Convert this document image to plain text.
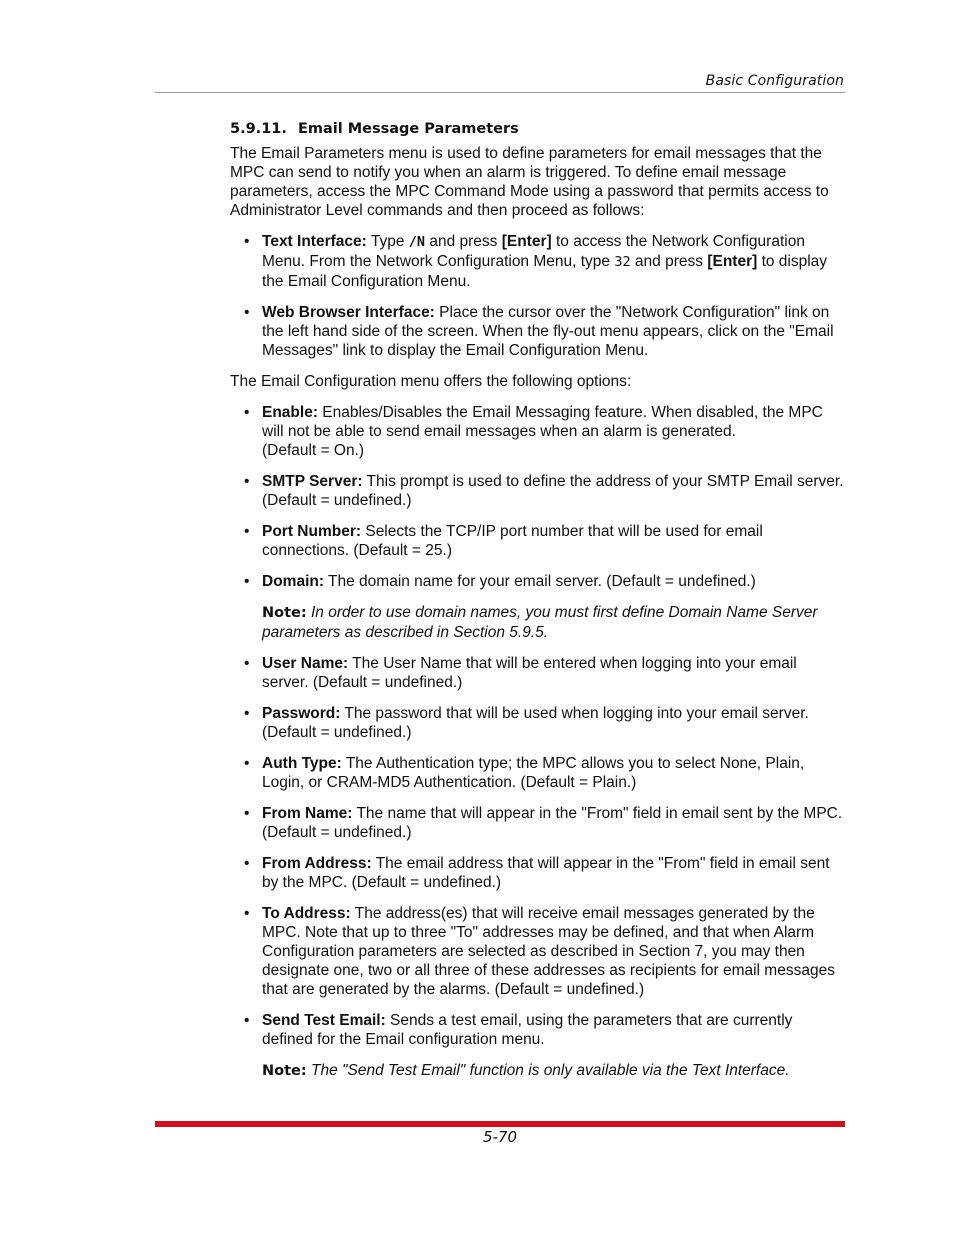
Basic Configuration
5.9.11. Email Message Parameters

The Email Parameters menu is used to define parameters for email messages that the MPC can send to notify you when an alarm is triggered. To define email message parameters, access the MPC Command Mode using a password that permits access to Administrator Level commands and then proceed as follows:

• Text Interface: Type /N and press [Enter] to access the Network Configuration Menu. From the Network Configuration Menu, type 32 and press [Enter] to display the Email Configuration Menu.
• Web Browser Interface: Place the cursor over the "Network Configuration" link on the left hand side of the screen. When the fly-out menu appears, click on the "Email Messages" link to display the Email Configuration Menu.

The Email Configuration menu offers the following options:

• Enable: Enables/Disables the Email Messaging feature. When disabled, the MPC will not be able to send email messages when an alarm is generated.
(Default = On.)
• SMTP Server: This prompt is used to define the address of your SMTP Email server. (Default = undefined.)
• Port Number: Selects the TCP/IP port number that will be used for email connections. (Default = 25.)
• Domain: The domain name for your email server. (Default = undefined.)

Note: In order to use domain names, you must first define Domain Name Server parameters as described in Section 5.9.5.

• User Name: The User Name that will be entered when logging into your email server. (Default = undefined.)
• Password: The password that will be used when logging into your email server. (Default = undefined.)
• Auth Type: The Authentication type; the MPC allows you to select None, Plain, Login, or CRAM-MD5 Authentication. (Default = Plain.)
• From Name: The name that will appear in the "From" field in email sent by the MPC. (Default = undefined.)
• From Address: The email address that will appear in the "From" field in email sent by the MPC. (Default = undefined.)
• To Address: The address(es) that will receive email messages generated by the MPC. Note that up to three "To" addresses may be defined, and that when Alarm Configuration parameters are selected as described in Section 7, you may then designate one, two or all three of these addresses as recipients for email messages that are generated by the alarms. (Default = undefined.)
• Send Test Email: Sends a test email, using the parameters that are currently defined for the Email configuration menu.

Note: The "Send Test Email" function is only available via the Text Interface.

5-70
